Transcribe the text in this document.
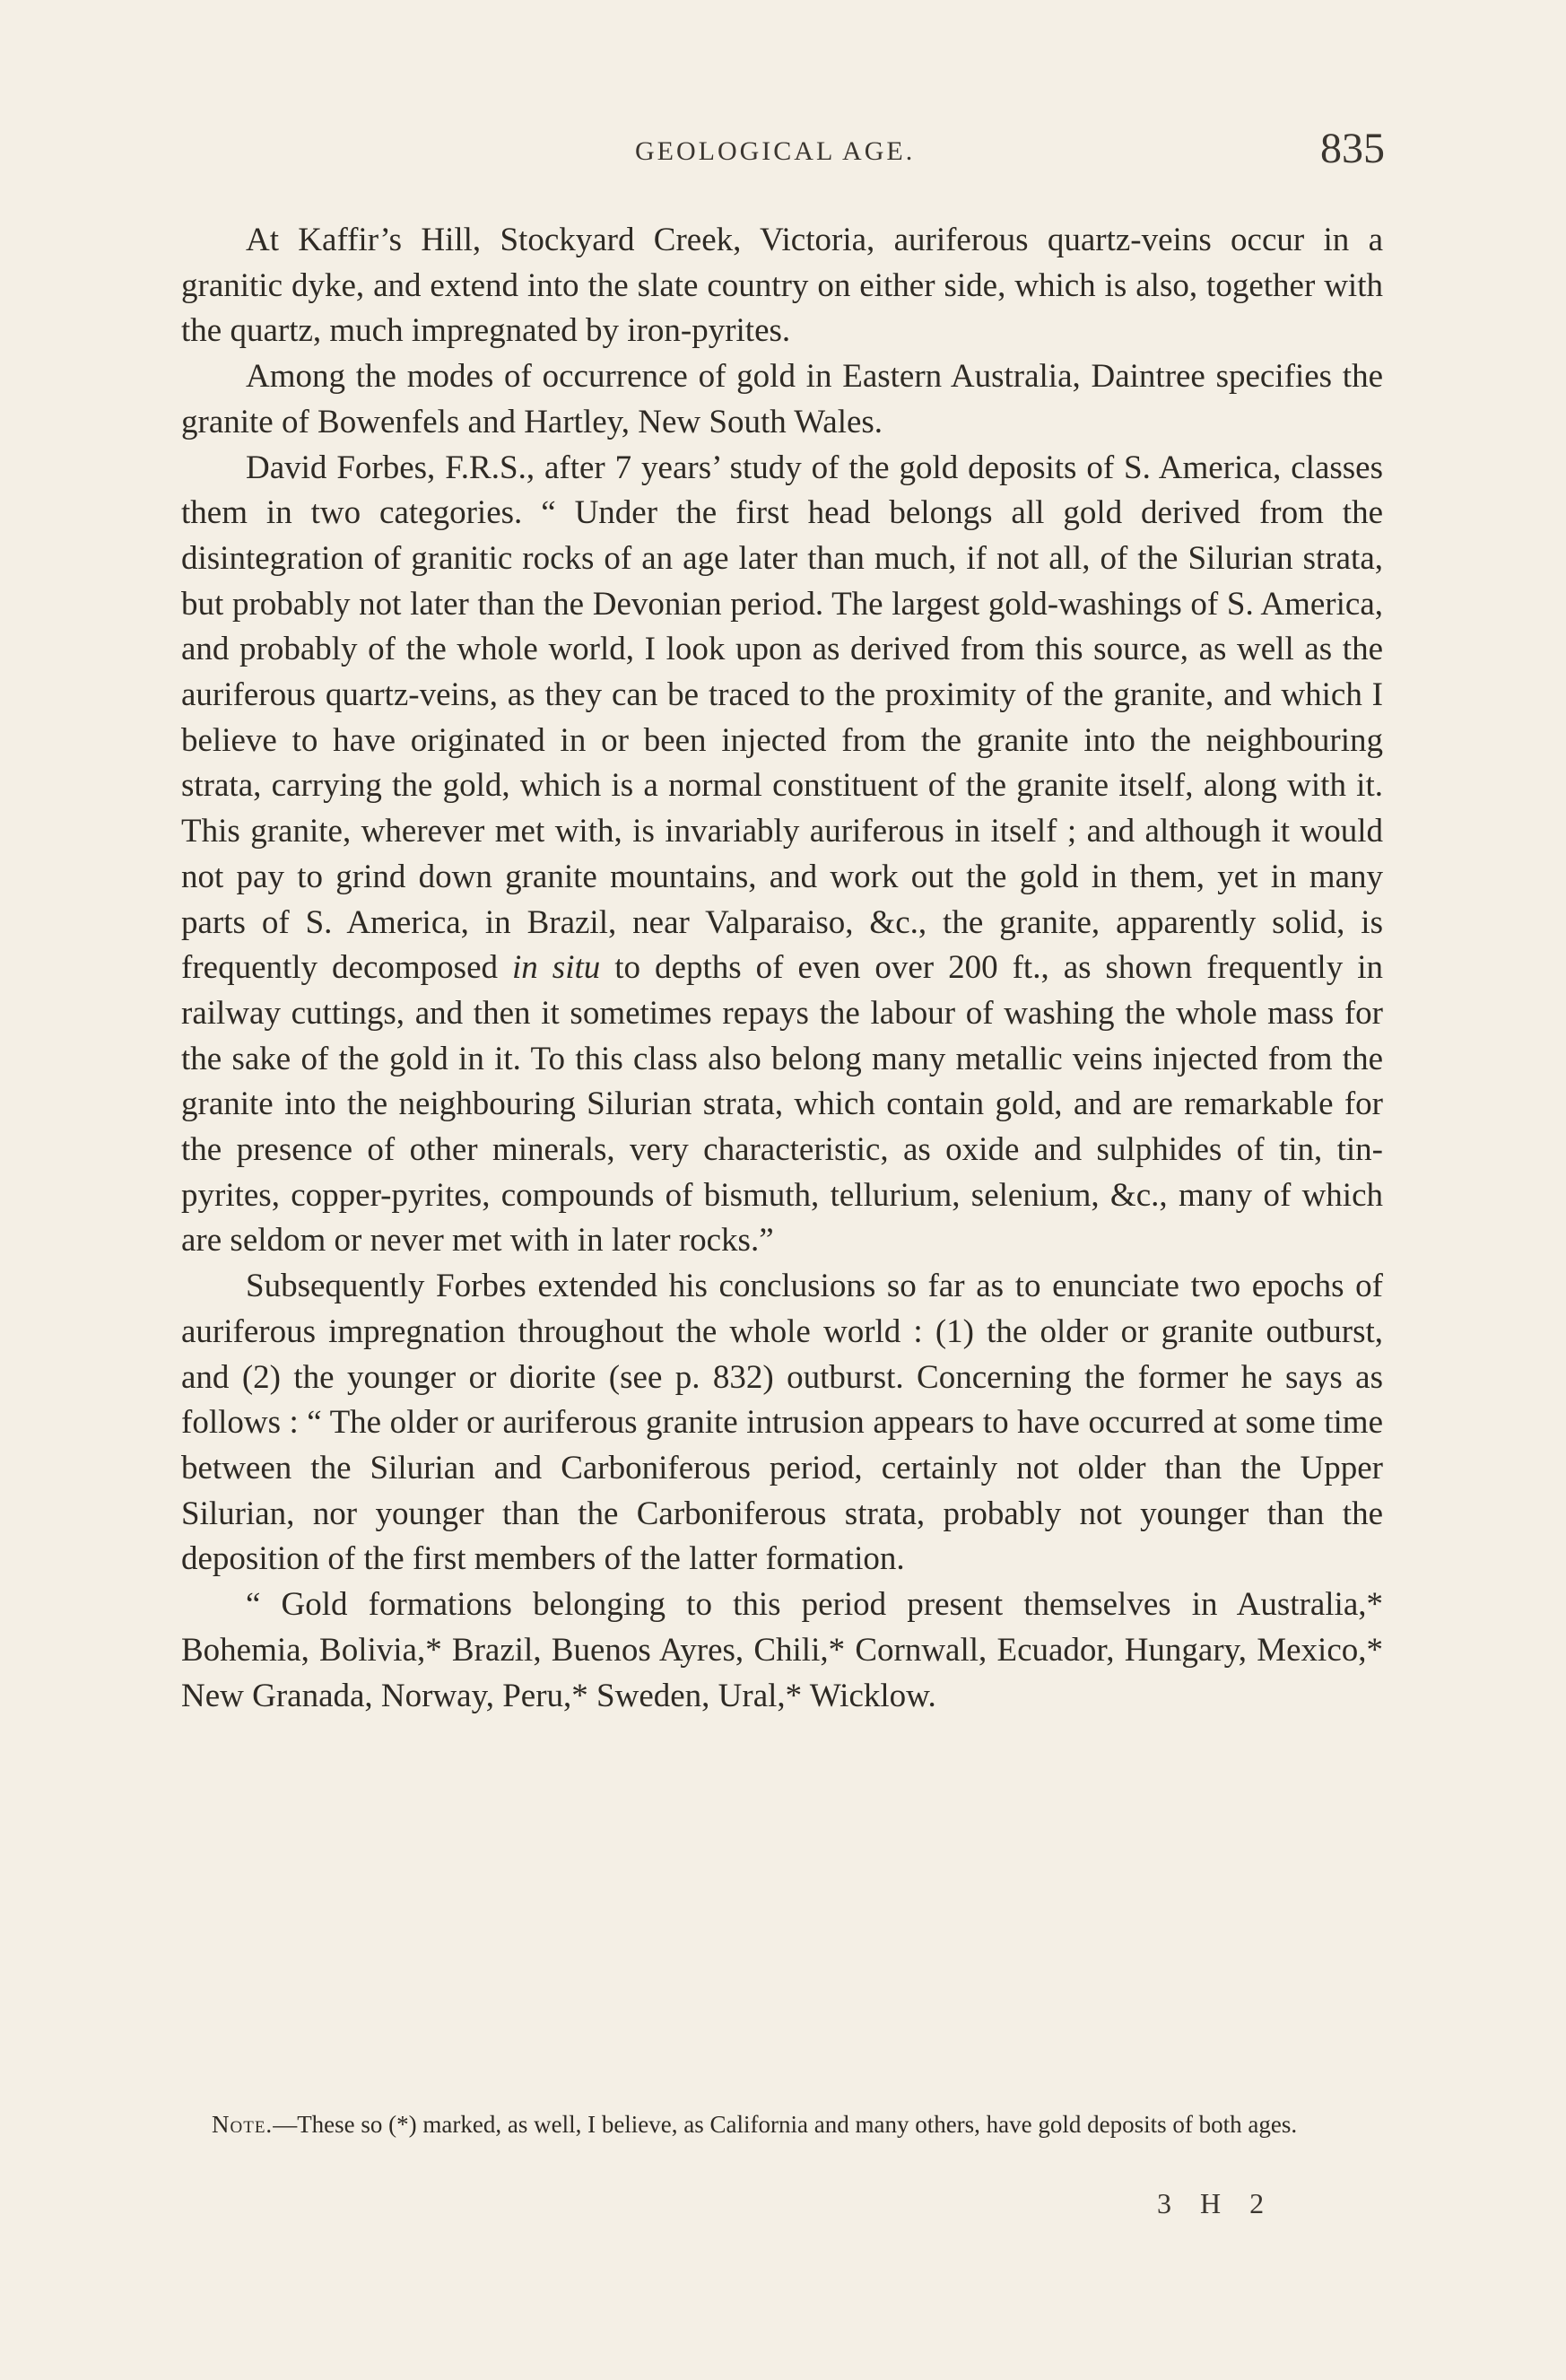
GEOLOGICAL AGE.	835

At Kaffir’s Hill, Stockyard Creek, Victoria, auriferous quartz-veins occur in a granitic dyke, and extend into the slate country on either side, which is also, together with the quartz, much impregnated by iron-pyrites.

Among the modes of occurrence of gold in Eastern Australia, Daintree specifies the granite of Bowenfels and Hartley, New South Wales.

David Forbes, F.R.S., after 7 years’ study of the gold deposits of S. America, classes them in two categories. “ Under the first head belongs all gold derived from the disintegration of granitic rocks of an age later than much, if not all, of the Silurian strata, but probably not later than the Devonian period. The largest gold-washings of S. America, and probably of the whole world, I look upon as derived from this source, as well as the auriferous quartz-veins, as they can be traced to the proximity of the granite, and which I believe to have originated in or been injected from the granite into the neighbouring strata, carrying the gold, which is a normal constituent of the granite itself, along with it. This granite, wherever met with, is invariably auriferous in itself ; and although it would not pay to grind down granite mountains, and work out the gold in them, yet in many parts of S. America, in Brazil, near Valparaiso, &c., the granite, apparently solid, is frequently decomposed in situ to depths of even over 200 ft., as shown frequently in railway cuttings, and then it sometimes repays the labour of washing the whole mass for the sake of the gold in it. To this class also belong many metallic veins injected from the granite into the neighbouring Silurian strata, which contain gold, and are remarkable for the presence of other minerals, very characteristic, as oxide and sulphides of tin, tin-pyrites, copper-pyrites, compounds of bismuth, tellurium, selenium, &c., many of which are seldom or never met with in later rocks.”

Subsequently Forbes extended his conclusions so far as to enunciate two epochs of auriferous impregnation throughout the whole world : (1) the older or granite outburst, and (2) the younger or diorite (see p. 832) outburst. Concerning the former he says as follows : “ The older or auriferous granite intrusion appears to have occurred at some time between the Silurian and Carboniferous period, certainly not older than the Upper Silurian, nor younger than the Carboniferous strata, probably not younger than the deposition of the first members of the latter formation.

“ Gold formations belonging to this period present themselves in Australia,* Bohemia, Bolivia,* Brazil, Buenos Ayres, Chili,* Cornwall, Ecuador, Hungary, Mexico,* New Granada, Norway, Peru,* Sweden, Ural,* Wicklow.

Note.—These so (*) marked, as well, I believe, as California and many others, have gold deposits of both ages.
3 H 2
